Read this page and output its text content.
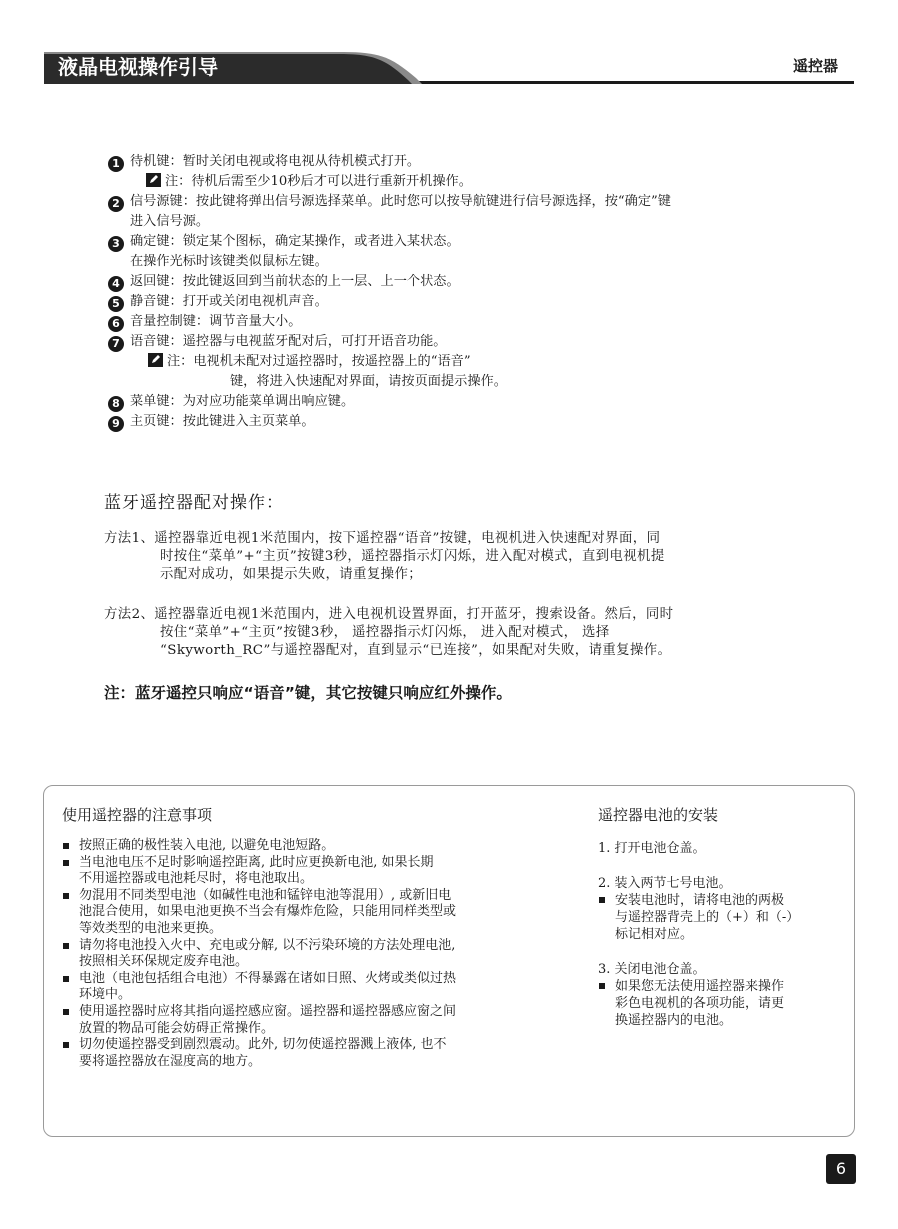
液晶电视操作引导	遥控器
1 待机键：暂时关闭电视或将电视从待机模式打开。
注：待机后需至少10秒后才可以进行重新开机操作。
2 信号源键：按此键将弹出信号源选择菜单。此时您可以按导航键进行信号源选择，按“确定”键
进入信号源。
3 确定键：锁定某个图标，确定某操作，或者进入某状态。
在操作光标时该键类似鼠标左键。
4 返回键：按此键返回到当前状态的上一层、上一个状态。
5 静音键：打开或关闭电视机声音。
6 音量控制键：调节音量大小。
7 语音键：遥控器与电视蓝牙配对后，可打开语音功能。
注：电视机未配对过遥控器时，按遥控器上的“语音”
键，将进入快速配对界面，请按页面提示操作。
8 菜单键：为对应功能菜单调出响应键。
9 主页键：按此键进入主页菜单。
蓝牙遥控器配对操作：
方法1、遥控器靠近电视1米范围内，按下遥控器“语音”按键，电视机进入快速配对界面，同
时按住“菜单”+“主页”按键3秒，遥控器指示灯闪烁，进入配对模式，直到电视机提
示配对成功，如果提示失败，请重复操作；
方法2、遥控器靠近电视1米范围内，进入电视机设置界面，打开蓝牙，搜索设备。然后，同时
按住“菜单”+“主页”按键3秒， 遥控器指示灯闪烁， 进入配对模式， 选择
“Skyworth_RC”与遥控器配对，直到显示“已连接”，如果配对失败，请重复操作。
注：蓝牙遥控只响应“语音”键，其它按键只响应红外操作。
使用遥控器的注意事项	遥控器电池的安装
按照正确的极性装入电池, 以避免电池短路。
当电池电压不足时影响遥控距离, 此时应更换新电池, 如果长期
不用遥控器或电池耗尽时，将电池取出。
勿混用不同类型电池（如碱性电池和锰锌电池等混用）, 或新旧电
池混合使用，如果电池更换不当会有爆炸危险，只能用同样类型或
等效类型的电池来更换。
请勿将电池投入火中、充电或分解, 以不污染环境的方法处理电池,
按照相关环保规定废弃电池。
电池（电池包括组合电池）不得暴露在诸如日照、火烤或类似过热
环境中。
使用遥控器时应将其指向遥控感应窗。遥控器和遥控器感应窗之间
放置的物品可能会妨碍正常操作。
切勿使遥控器受到剧烈震动。此外, 切勿使遥控器溅上液体, 也不
要将遥控器放在湿度高的地方。

1. 打开电池仓盖。

2. 装入两节七号电池。

安装电池时，请将电池的两极
与遥控器背壳上的（+）和（-）
标记相对应。

3. 关闭电池仓盖。

如果您无法使用遥控器来操作
彩色电视机的各项功能，请更
换遥控器内的电池。
6
